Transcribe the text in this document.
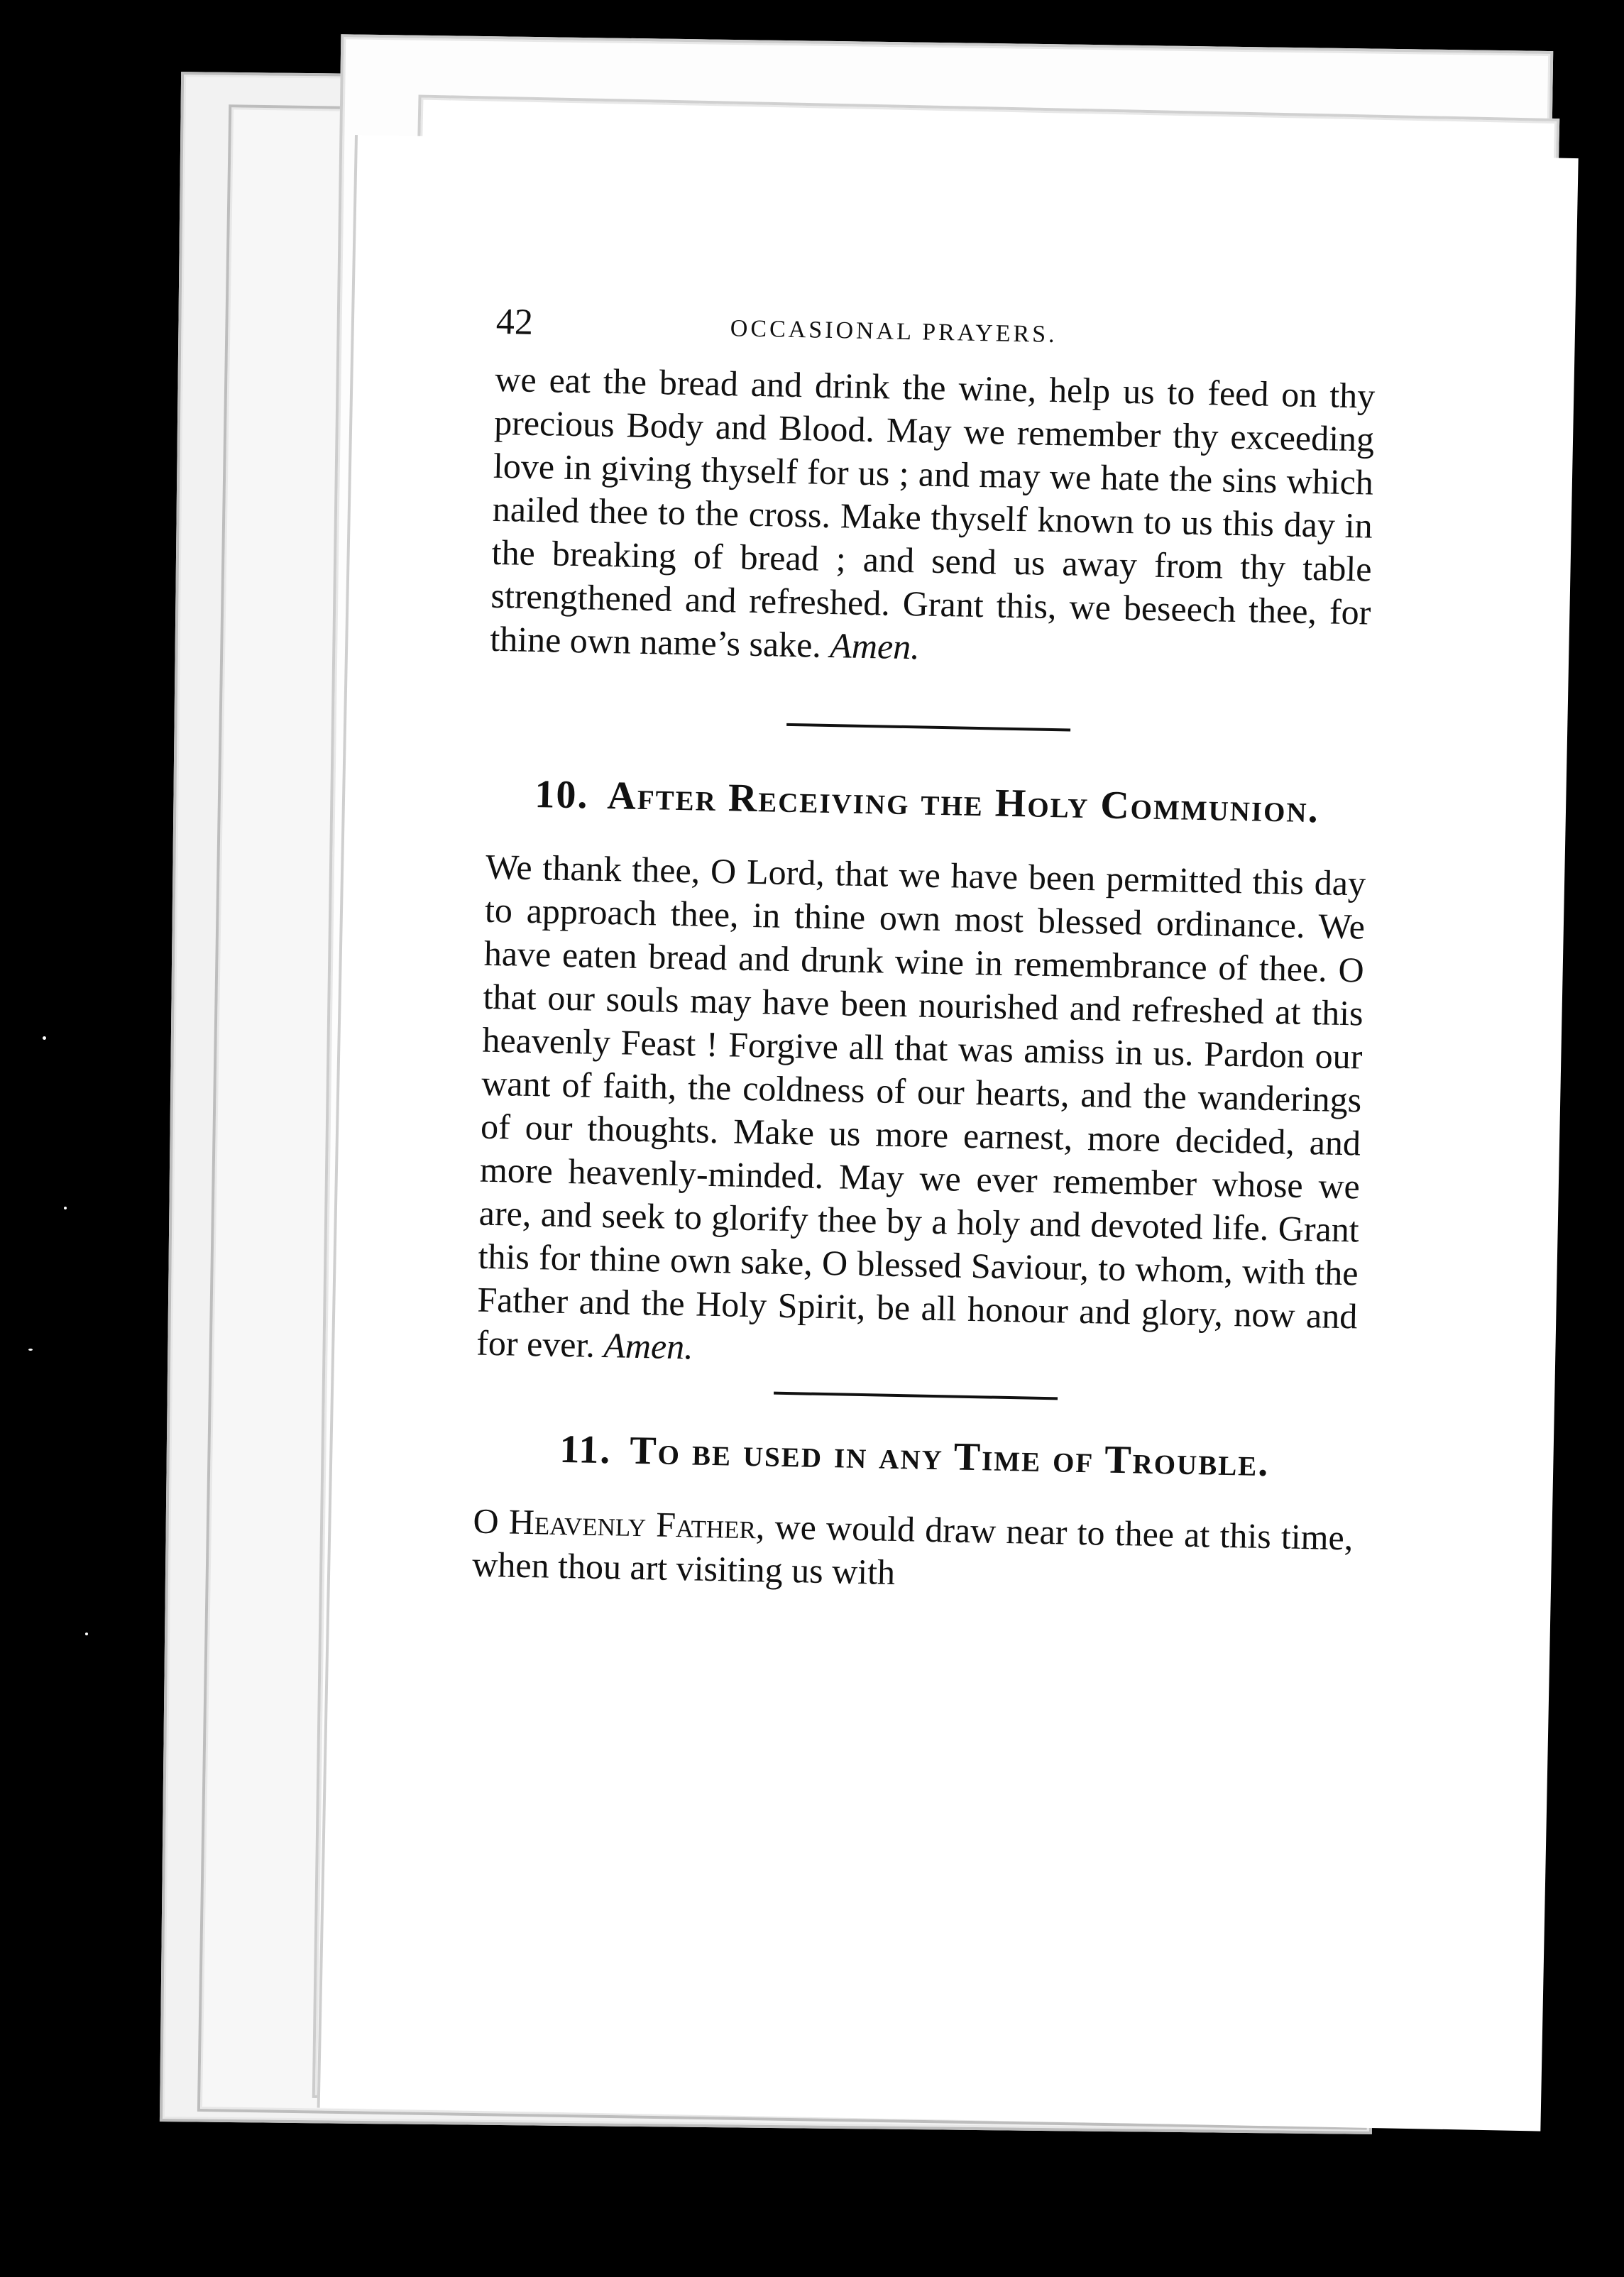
42	OCCASIONAL PRAYERS.

we eat the bread and drink the wine, help us to feed on thy precious Body and Blood. May we remember thy exceeding love in giving thyself for us ; and may we hate the sins which nailed thee to the cross. Make thyself known to us this day in the breaking of bread ; and send us away from thy table strengthened and refreshed. Grant this, we beseech thee, for thine own name’s sake. Amen.

10. After Receiving the Holy Communion.

We thank thee, O Lord, that we have been permitted this day to approach thee, in thine own most blessed ordinance. We have eaten bread and drunk wine in remembrance of thee. O that our souls may have been nourished and refreshed at this heavenly Feast ! Forgive all that was amiss in us. Pardon our want of faith, the coldness of our hearts, and the wanderings of our thoughts. Make us more earnest, more decided, and more heavenly-minded. May we ever remember whose we are, and seek to glorify thee by a holy and devoted life. Grant this for thine own sake, O blessed Saviour, to whom, with the Father and the Holy Spirit, be all honour and glory, now and for ever. Amen.

11. To be used in any Time of Trouble.

O Heavenly Father, we would draw near to thee at this time, when thou art visiting us with
